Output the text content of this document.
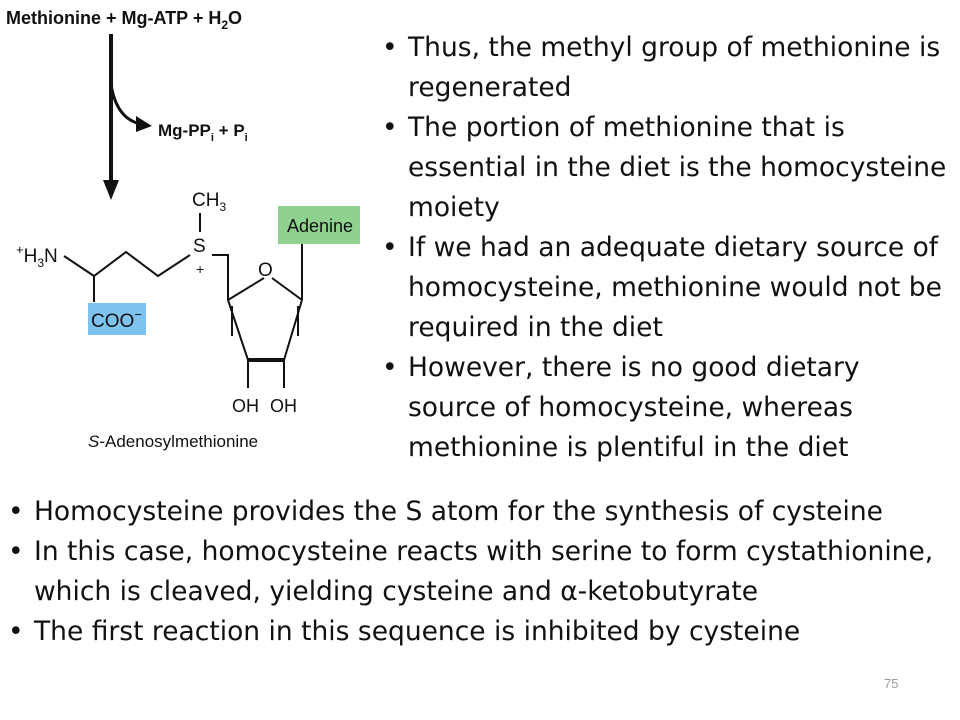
Methionine + $Mg-ATP + H_2O$
$Mg-PP_i + P_i$
$CH_3$
S
+
$^+H_3N$
COO−
O
OH OH
Adenine
S-Adenosylmethionine
• Thus, the methyl group of methionine is regenerated
• The portion of methionine that is essential in the diet is the homocysteine moiety
• If we had an adequate dietary source of homocysteine, methionine would not be required in the diet
• However, there is no good dietary source of homocysteine, whereas methionine is plentiful in the diet
• Homocysteine provides the S atom for the synthesis of cysteine
• In this case, homocysteine reacts with serine to form cystathionine, which is cleaved, yielding cysteine and α-ketobutyrate
• The first reaction in this sequence is inhibited by cysteine
75
